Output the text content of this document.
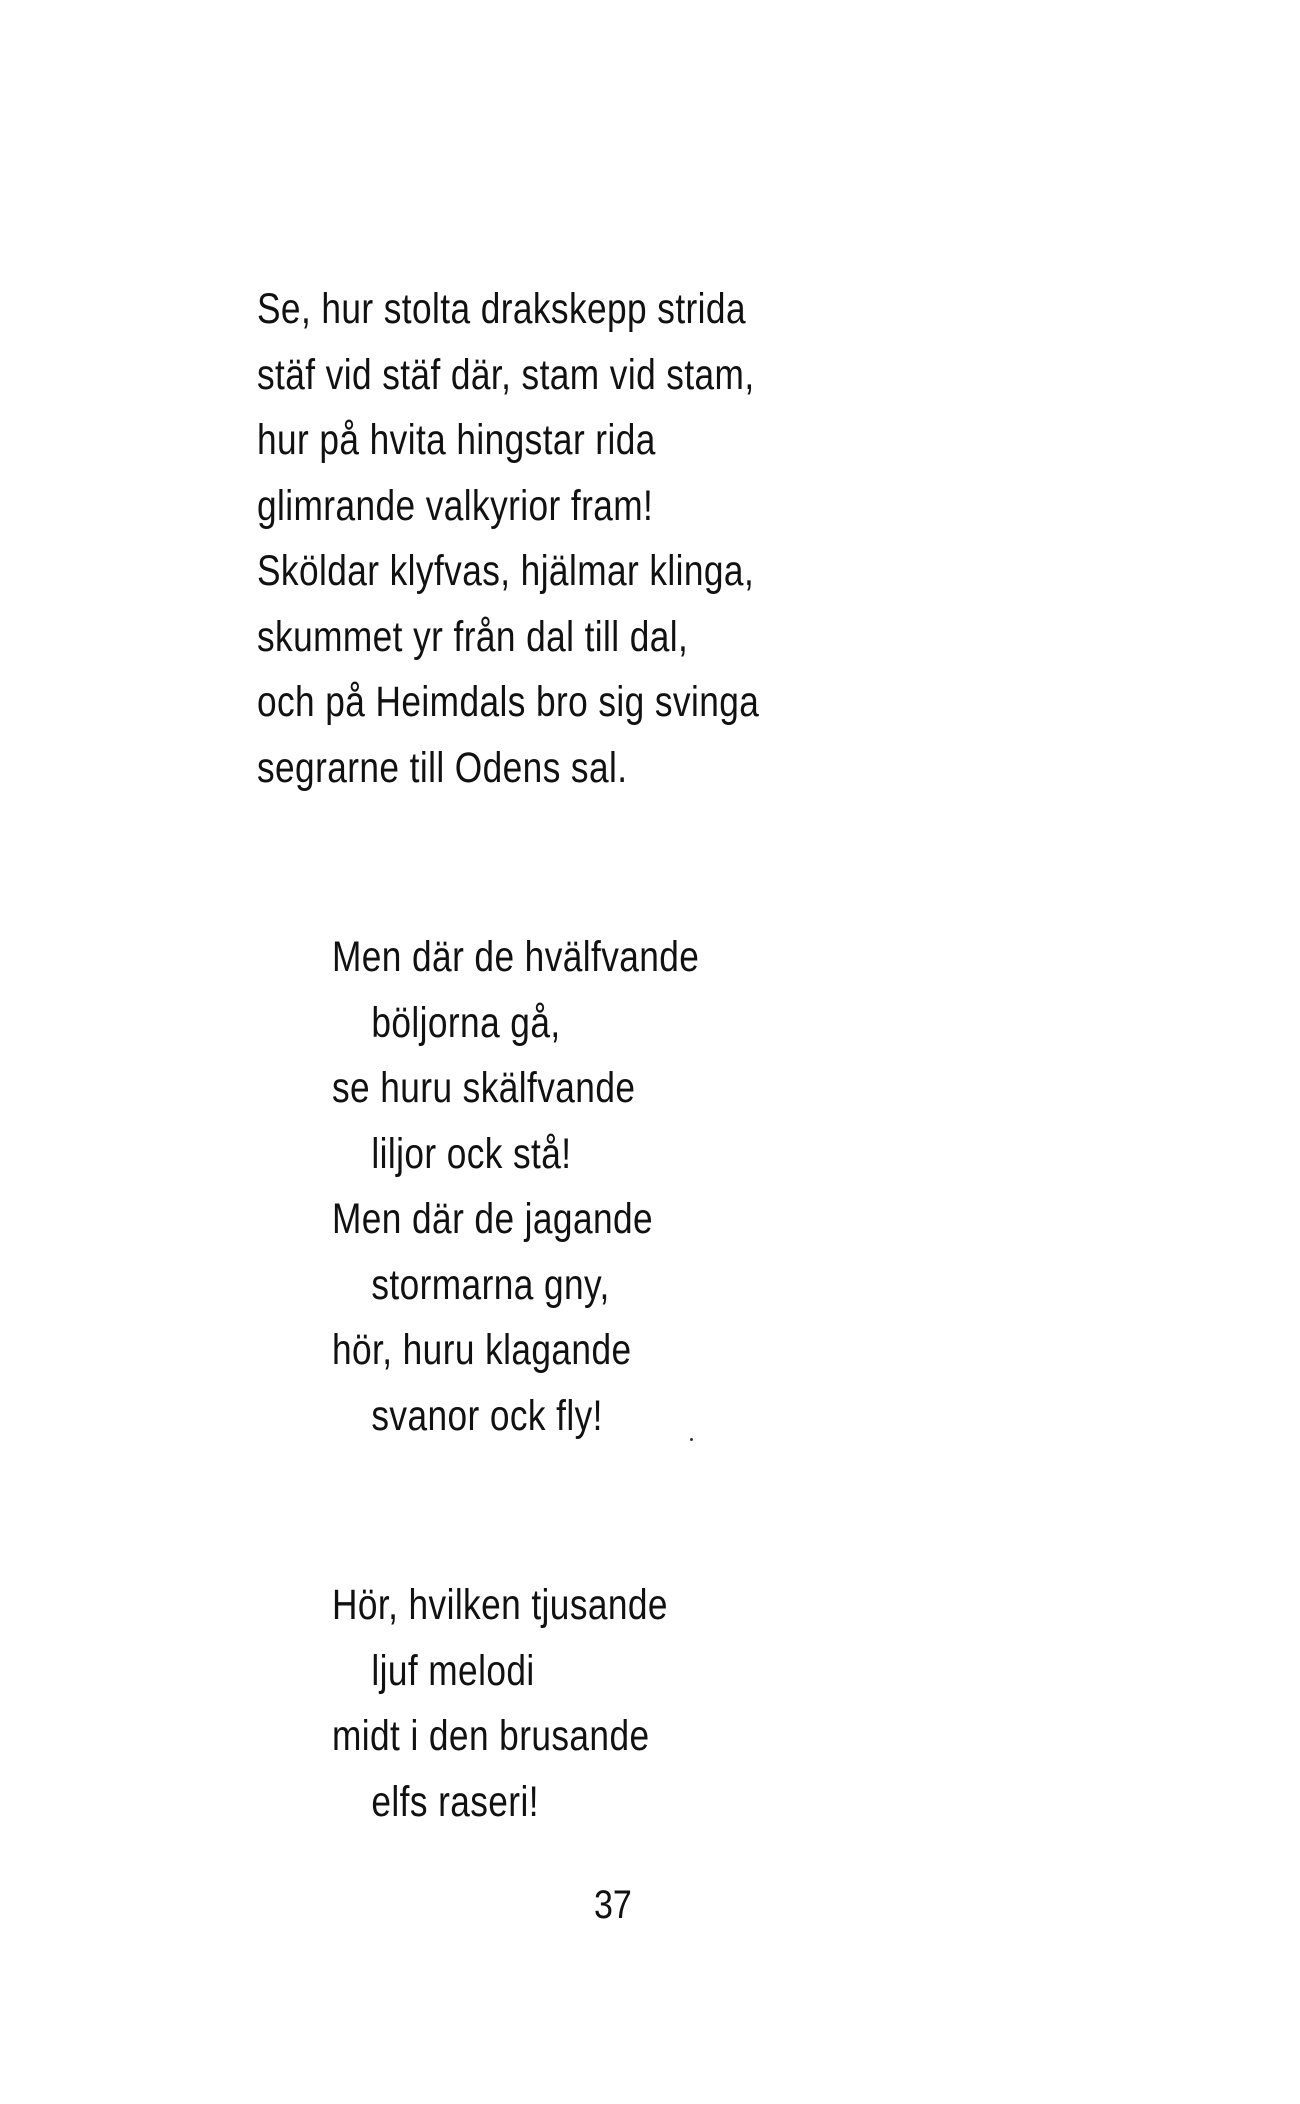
Se, hur stolta drakskepp strida
stäf vid stäf där, stam vid stam,
hur på hvita hingstar rida
glimrande valkyrior fram!
Sköldar klyfvas, hjälmar klinga,
skummet yr från dal till dal,
och på Heimdals bro sig svinga
segrarne till Odens sal.
Men där de hvälfvande
böljorna gå,
se huru skälfvande
liljor ock stå!
Men där de jagande
stormarna gny,
hör, huru klagande
svanor ock fly!
Hör, hvilken tjusande
ljuf melodi
midt i den brusande
elfs raseri!
37
